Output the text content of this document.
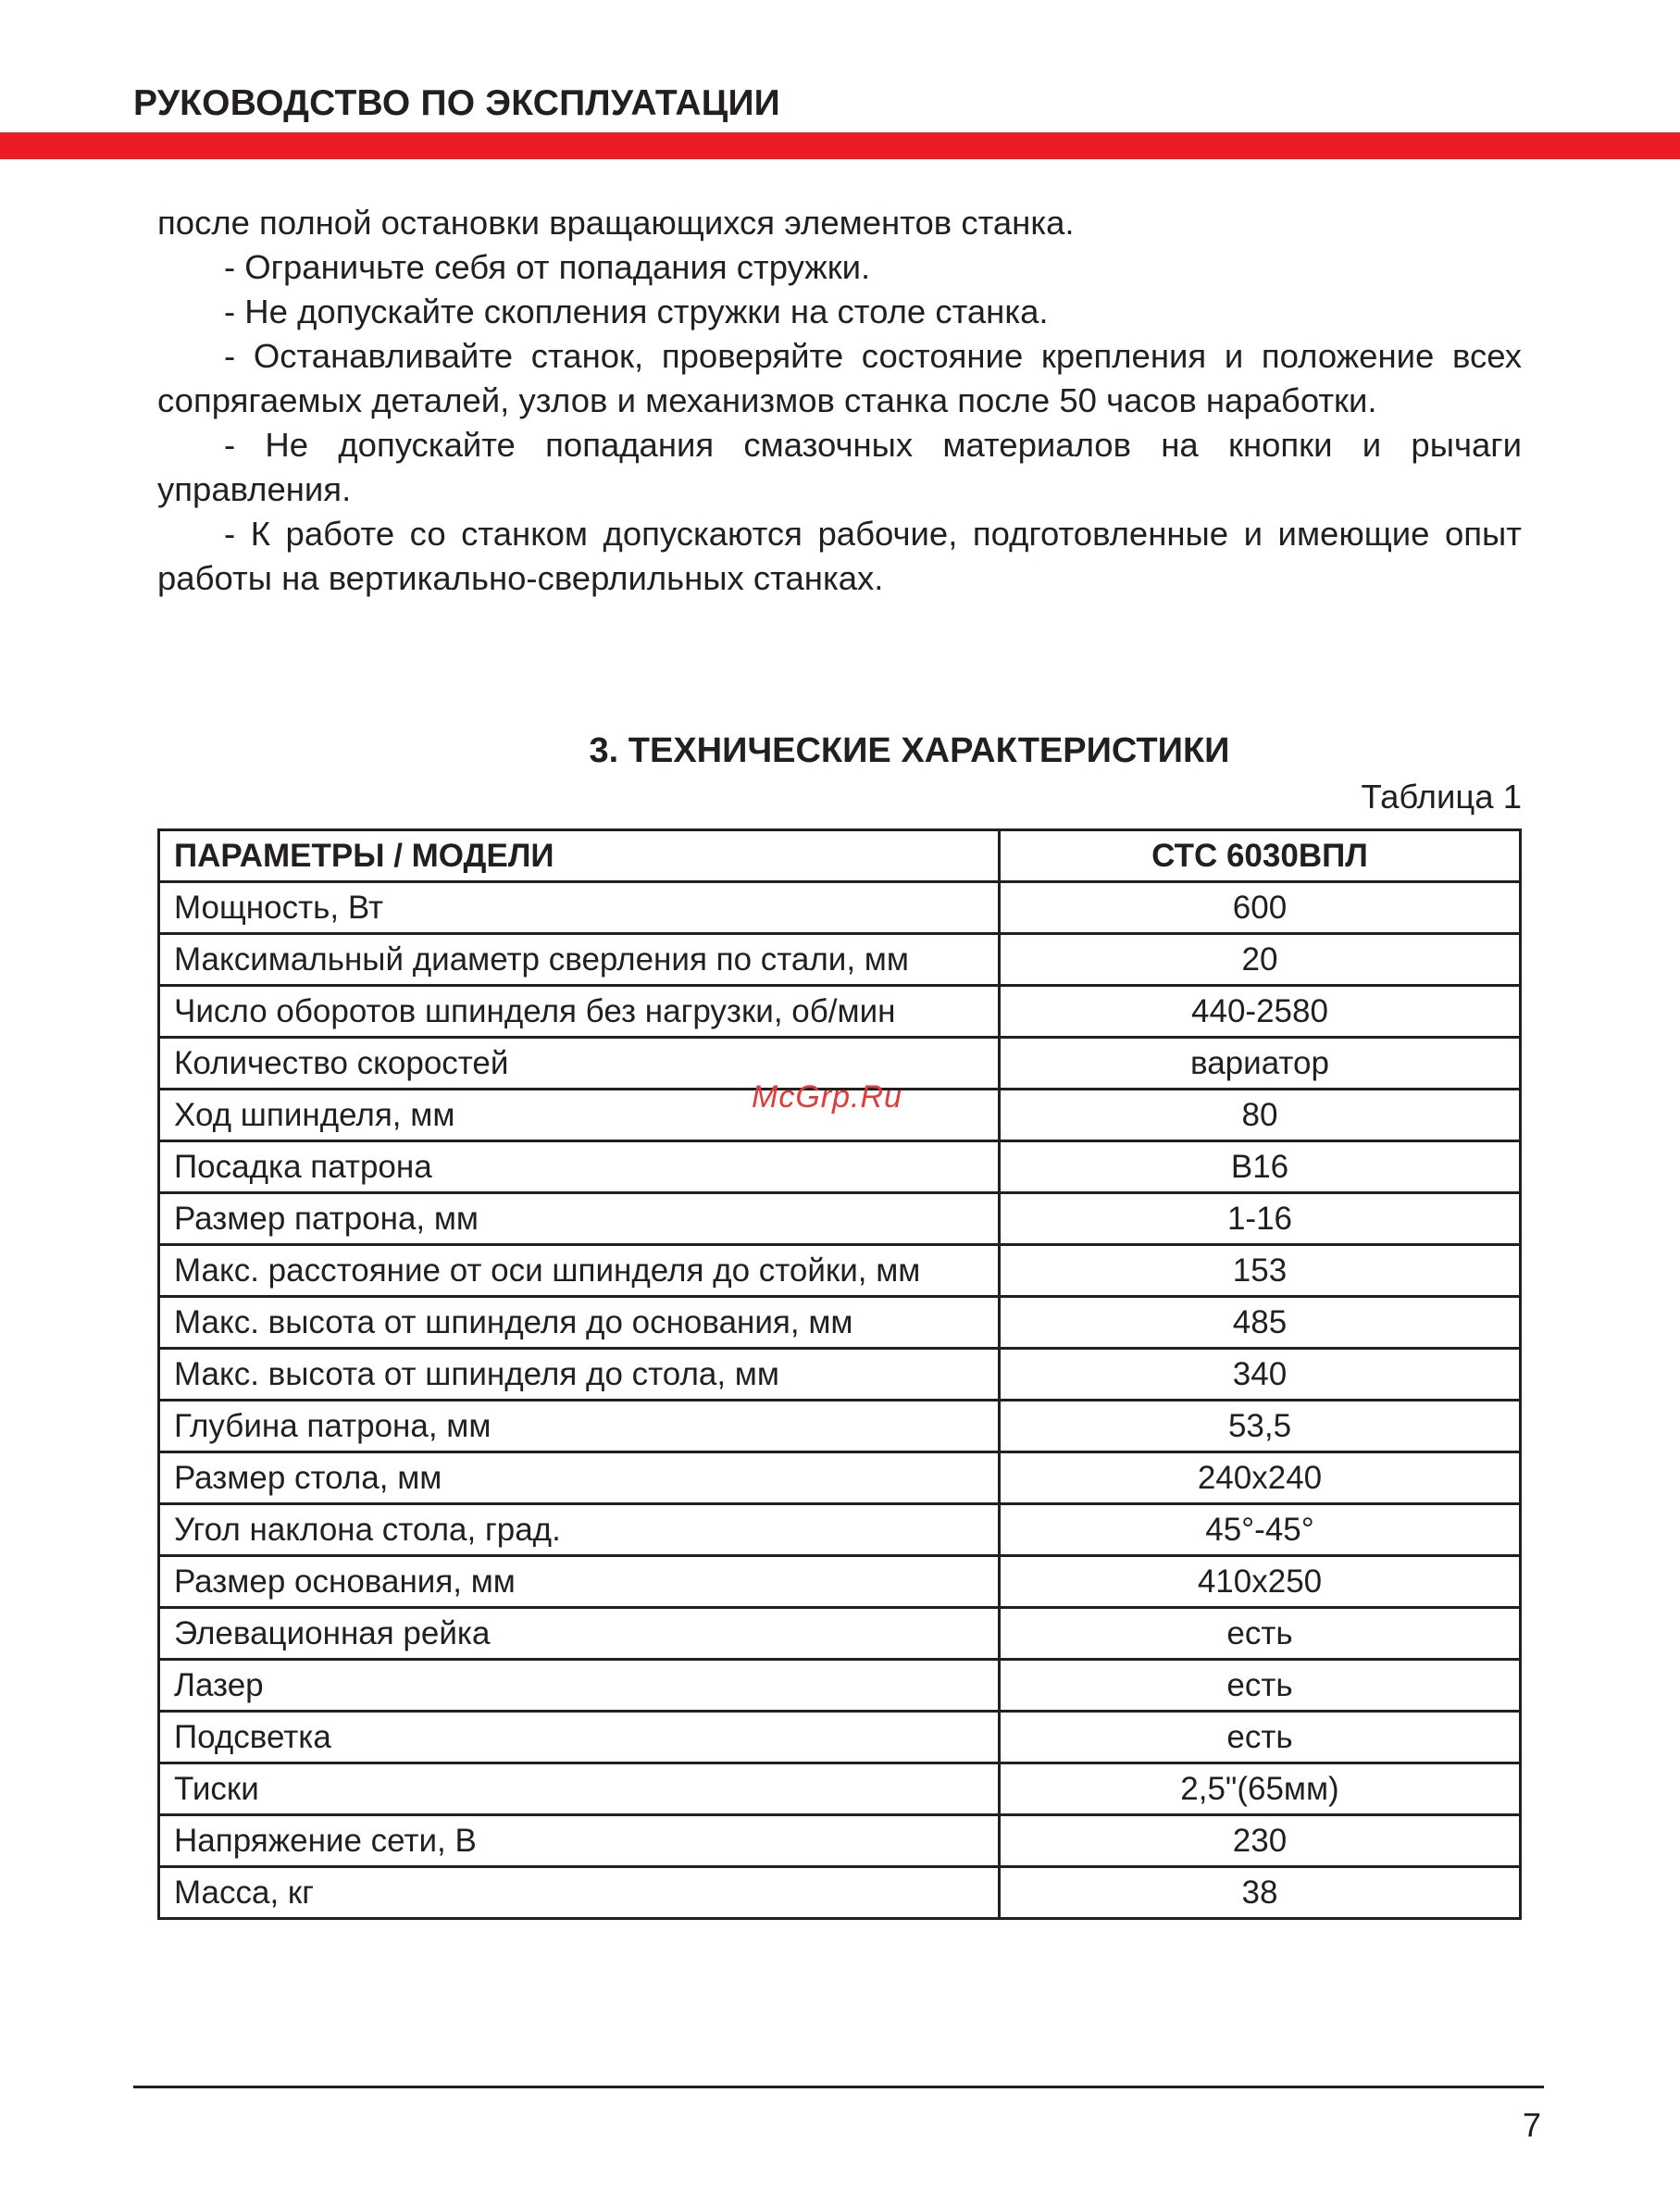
РУКОВОДСТВО ПО ЭКСПЛУАТАЦИИ

после полной остановки вращающихся элементов станка.

- Ограничьте себя от попадания стружки.

- Не допускайте скопления стружки на столе станка.

- Останавливайте станок, проверяйте состояние крепления и положение всех сопрягаемых деталей, узлов и механизмов станка после 50 часов наработки.

- Не допускайте попадания смазочных материалов на кнопки и рычаги управления.

- К работе со станком допускаются рабочие, подготовленные и имеющие опыт работы на вертикально-сверлильных станках.

3. ТЕХНИЧЕСКИЕ ХАРАКТЕРИСТИКИ
Таблица 1
ПАРАМЕТРЫ / МОДЕЛИ	СТС 6030ВПЛ
Мощность, Вт	600
Максимальный диаметр сверления по стали, мм	20
Число оборотов шпинделя без нагрузки, об/мин	440-2580
Количество скоростей	вариатор
Ход шпинделя, мм	80
Посадка патрона	В16
Размер патрона, мм	1-16
Макс. расстояние от оси шпинделя до стойки, мм	153
Макс. высота от шпинделя до основания, мм	485
Макс. высота от шпинделя до стола, мм	340
Глубина патрона, мм	53,5
Размер стола, мм	240х240
Угол наклона стола, град.	45°-45°
Размер основания, мм	410х250
Элевационная рейка	есть
Лазер	есть
Подсветка	есть
Тиски	2,5"(65мм)
Напряжение сети, В	230
Масса, кг	38
McGrp.Ru
7
